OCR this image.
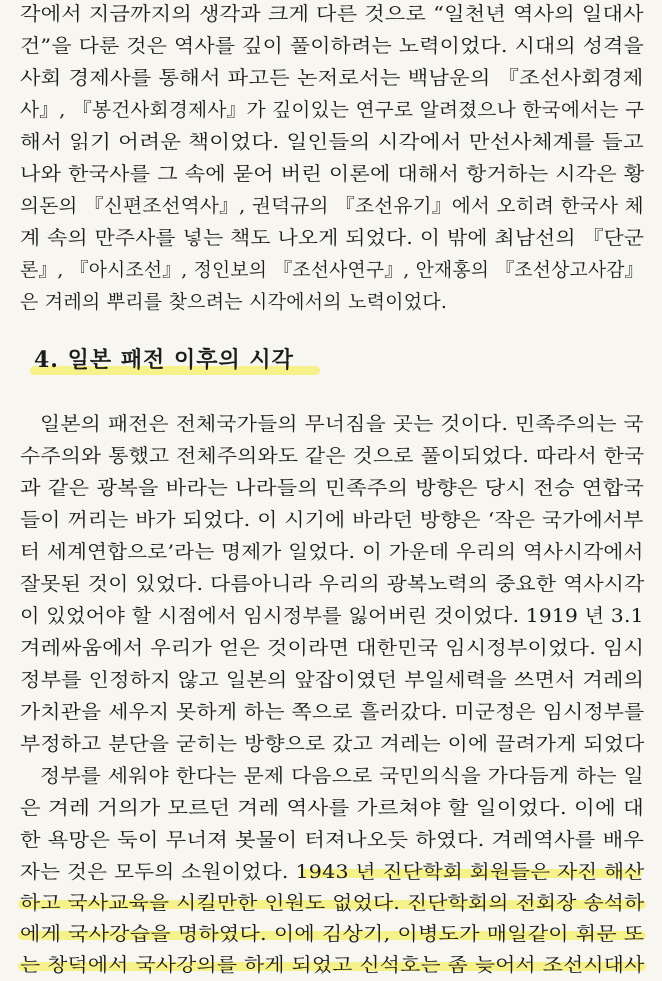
각에서 지금까지의 생각과 크게 다른 것으로 “일천년 역사의 일대사
건”을 다룬 것은 역사를 깊이 풀이하려는 노력이었다. 시대의 성격을
사회 경제사를 통해서 파고든 논저로서는 백남운의 『조선사회경제
사』, 『봉건사회경제사』가 깊이있는 연구로 알려졌으나 한국에서는 구
해서 읽기 어려운 책이었다. 일인들의 시각에서 만선사체계를 들고
나와 한국사를 그 속에 묻어 버린 이론에 대해서 항거하는 시각은 황
의돈의 『신편조선역사』, 권덕규의 『조선유기』에서 오히려 한국사 체
계 속의 만주사를 넣는 책도 나오게 되었다. 이 밖에 최남선의 『단군
론』, 『아시조선』, 정인보의 『조선사연구』, 안재홍의 『조선상고사감』
은 겨레의 뿌리를 찾으려는 시각에서의 노력이었다.
4. 일본 패전 이후의 시각
일본의 패전은 전체국가들의 무너짐을 곳는 것이다. 민족주의는 국
수주의와 통했고 전체주의와도 같은 것으로 풀이되었다. 따라서 한국
과 같은 광복을 바라는 나라들의 민족주의 방향은 당시 전승 연합국
들이 꺼리는 바가 되었다. 이 시기에 바라던 방향은 ‘작은 국가에서부
터 세계연합으로’라는 명제가 일었다. 이 가운데 우리의 역사시각에서
잘못된 것이 있었다. 다름아니라 우리의 광복노력의 중요한 역사시각
이 있었어야 할 시점에서 임시정부를 잃어버린 것이었다. 1919 년 3.1
겨레싸움에서 우리가 얻은 것이라면 대한민국 임시정부이었다. 임시
정부를 인정하지 않고 일본의 앞잡이였던 부일세력을 쓰면서 겨레의
가치관을 세우지 못하게 하는 쪽으로 흘러갔다. 미군정은 임시정부를
부정하고 분단을 굳히는 방향으로 갔고 겨레는 이에 끌려가게 되었다
정부를 세워야 한다는 문제 다음으로 국민의식을 가다듬게 하는 일
은 겨레 거의가 모르던 겨레 역사를 가르쳐야 할 일이었다. 이에 대
한 욕망은 둑이 무너져 봇물이 터져나오듯 하였다. 겨레역사를 배우
자는 것은 모두의 소원이었다. 1943 년 진단학회 회원들은 자진 해산
하고 국사교육을 시킬만한 인원도 없었다. 진단학회의 전회장 송석하
에게 국사강습을 명하였다. 이에 김상기, 이병도가 매일같이 휘문 또
는 창덕에서 국사강의를 하게 되었고 신석호는 좀 늦어서 조선시대사
